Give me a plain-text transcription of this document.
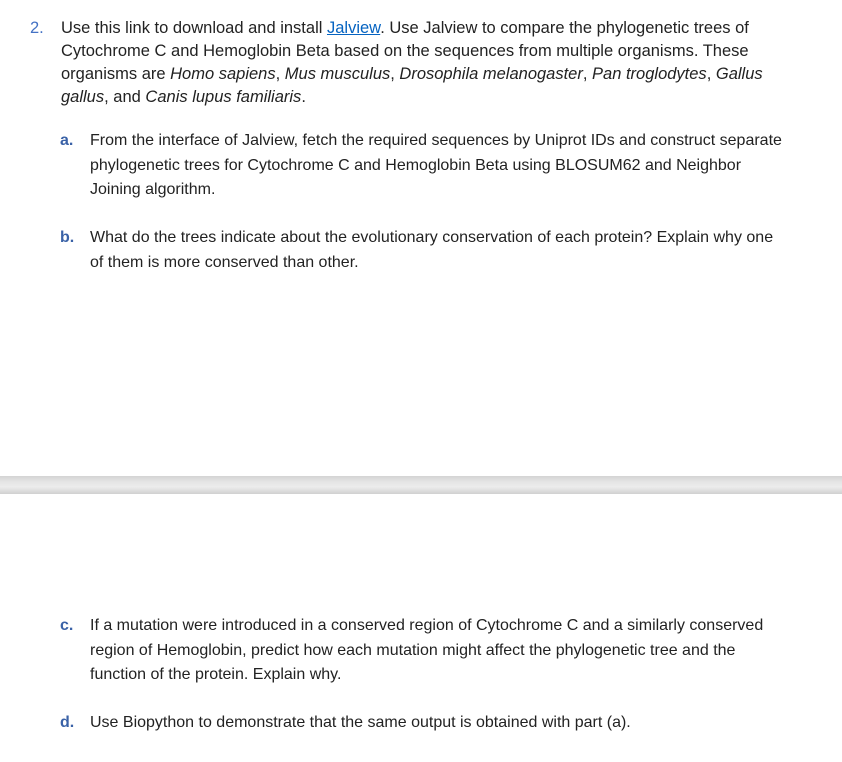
2. Use this link to download and install Jalview. Use Jalview to compare the phylogenetic trees of Cytochrome C and Hemoglobin Beta based on the sequences from multiple organisms. These organisms are Homo sapiens, Mus musculus, Drosophila melanogaster, Pan troglodytes, Gallus gallus, and Canis lupus familiaris.
a. From the interface of Jalview, fetch the required sequences by Uniprot IDs and construct separate phylogenetic trees for Cytochrome C and Hemoglobin Beta using BLOSUM62 and Neighbor Joining algorithm.
b. What do the trees indicate about the evolutionary conservation of each protein? Explain why one of them is more conserved than other.
c. If a mutation were introduced in a conserved region of Cytochrome C and a similarly conserved region of Hemoglobin, predict how each mutation might affect the phylogenetic tree and the function of the protein. Explain why.
d. Use Biopython to demonstrate that the same output is obtained with part (a).
